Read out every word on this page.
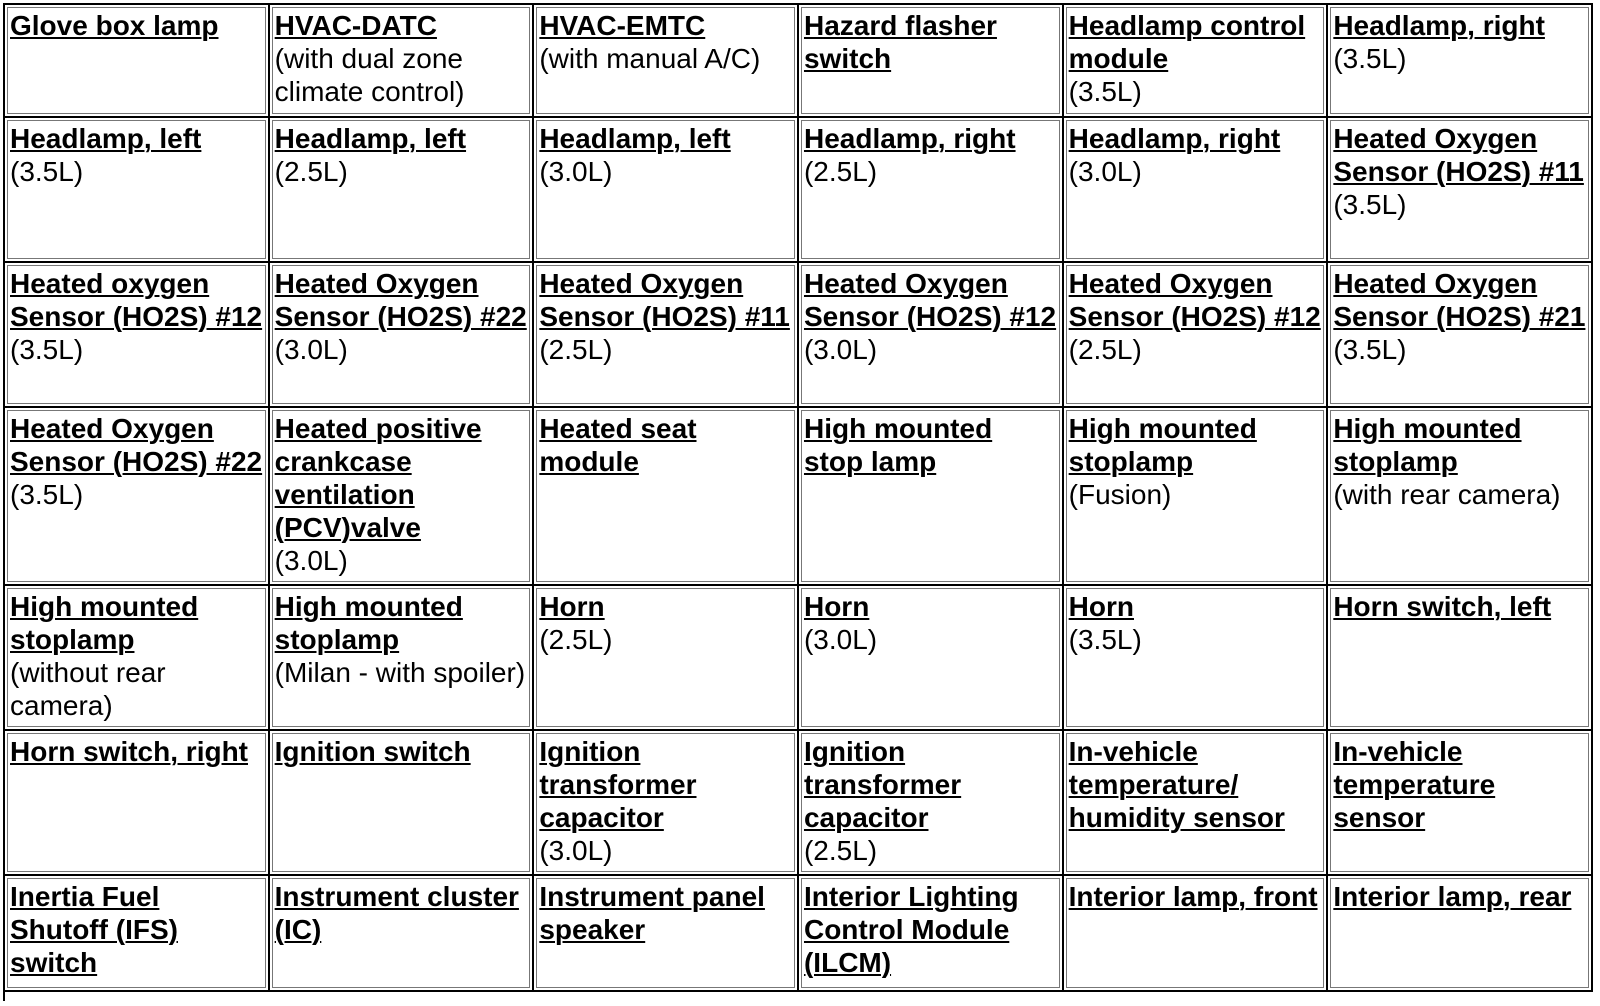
Glove box lamp	HVAC-DATC
(with dual zone climate control)
HVAC-EMTC
(with manual A/C)
Hazard flasher switch
Headlamp control module
(3.5L)
Headlamp, right
(3.5L)
Headlamp, left
(3.5L)
Headlamp, left
(2.5L)
Headlamp, left
(3.0L)
Headlamp, right
(2.5L)
Headlamp, right
(3.0L)
Heated Oxygen Sensor (HO2S) #11
(3.5L)
Heated oxygen Sensor (HO2S) #12
(3.5L)
Heated Oxygen Sensor (HO2S) #22
(3.0L)
Heated Oxygen Sensor (HO2S) #11
(2.5L)
Heated Oxygen Sensor (HO2S) #12
(3.0L)
Heated Oxygen Sensor (HO2S) #12
(2.5L)
Heated Oxygen Sensor (HO2S) #21
(3.5L)
Heated Oxygen Sensor (HO2S) #22
(3.5L)
Heated positive crankcase ventilation (PCV)valve
(3.0L)
Heated seat module
High mounted stop lamp
High mounted stoplamp
(Fusion)
High mounted stoplamp
(with rear camera)
High mounted stoplamp
(without rear camera)
High mounted stoplamp
(Milan - with spoiler)
Horn
(2.5L)
Horn
(3.0L)
Horn
(3.5L)
Horn switch, left
Horn switch, right Ignition switch	Ignition transformer capacitor
(3.0L)
Ignition transformer capacitor
(2.5L)
In-vehicle temperature/ humidity sensor
In-vehicle temperature sensor
Inertia Fuel Shutoff (IFS) switch
Instrument cluster (IC)
Instrument panel speaker
Interior Lighting Control Module (ILCM)
Interior lamp, front Interior lamp, rear
